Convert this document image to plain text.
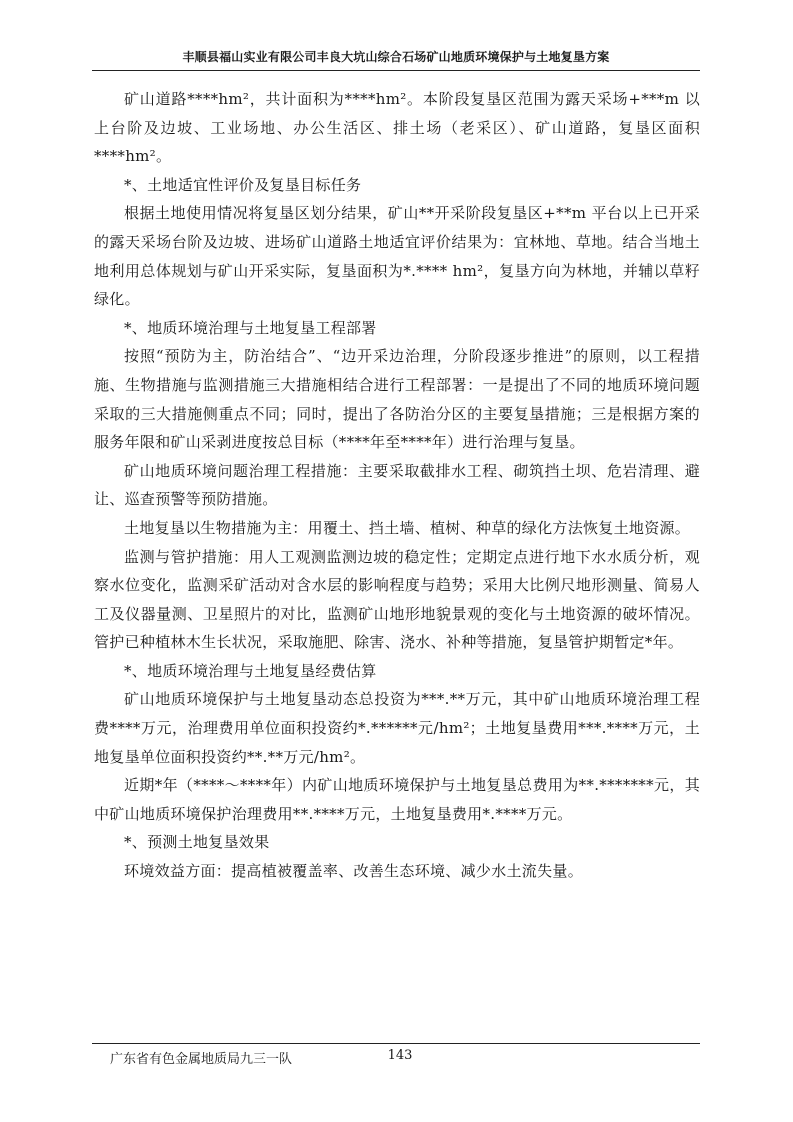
丰顺县福山实业有限公司丰良大坑山综合石场矿山地质环境保护与土地复垦方案

矿山道路****hm²，共计面积为****hm²。本阶段复垦区范围为露天采场+***m 以上台阶及边坡、工业场地、办公生活区、排土场（老采区）、矿山道路，复垦区面积****hm²。

*、土地适宜性评价及复垦目标任务

根据土地使用情况将复垦区划分结果，矿山**开采阶段复垦区+**m 平台以上已开采的露天采场台阶及边坡、进场矿山道路土地适宜评价结果为：宜林地、草地。结合当地土地利用总体规划与矿山开采实际，复垦面积为*.**** hm²，复垦方向为林地，并辅以草籽绿化。

*、地质环境治理与土地复垦工程部署

按照“预防为主，防治结合”、“边开采边治理，分阶段逐步推进”的原则，以工程措施、生物措施与监测措施三大措施相结合进行工程部署：一是提出了不同的地质环境问题采取的三大措施侧重点不同；同时，提出了各防治分区的主要复垦措施；三是根据方案的服务年限和矿山采剥进度按总目标（****年至****年）进行治理与复垦。

矿山地质环境问题治理工程措施：主要采取截排水工程、砌筑挡土坝、危岩清理、避让、巡查预警等预防措施。

土地复垦以生物措施为主：用覆土、挡土墙、植树、种草的绿化方法恢复土地资源。

监测与管护措施：用人工观测监测边坡的稳定性；定期定点进行地下水水质分析，观察水位变化，监测采矿活动对含水层的影响程度与趋势；采用大比例尺地形测量、简易人工及仪器量测、卫星照片的对比，监测矿山地形地貌景观的变化与土地资源的破坏情况。管护已种植林木生长状况，采取施肥、除害、浇水、补种等措施，复垦管护期暂定*年。

*、地质环境治理与土地复垦经费估算

矿山地质环境保护与土地复垦动态总投资为***.**万元，其中矿山地质环境治理工程费****万元，治理费用单位面积投资约*.******元/hm²；土地复垦费用***.****万元，土地复垦单位面积投资约**.**万元/hm²。

近期*年（****～****年）内矿山地质环境保护与土地复垦总费用为**.*******元，其中矿山地质环境保护治理费用**.****万元，土地复垦费用*.****万元。

*、预测土地复垦效果

环境效益方面：提高植被覆盖率、改善生态环境、减少水土流失量。

广东省有色金属地质局九三一队	143
